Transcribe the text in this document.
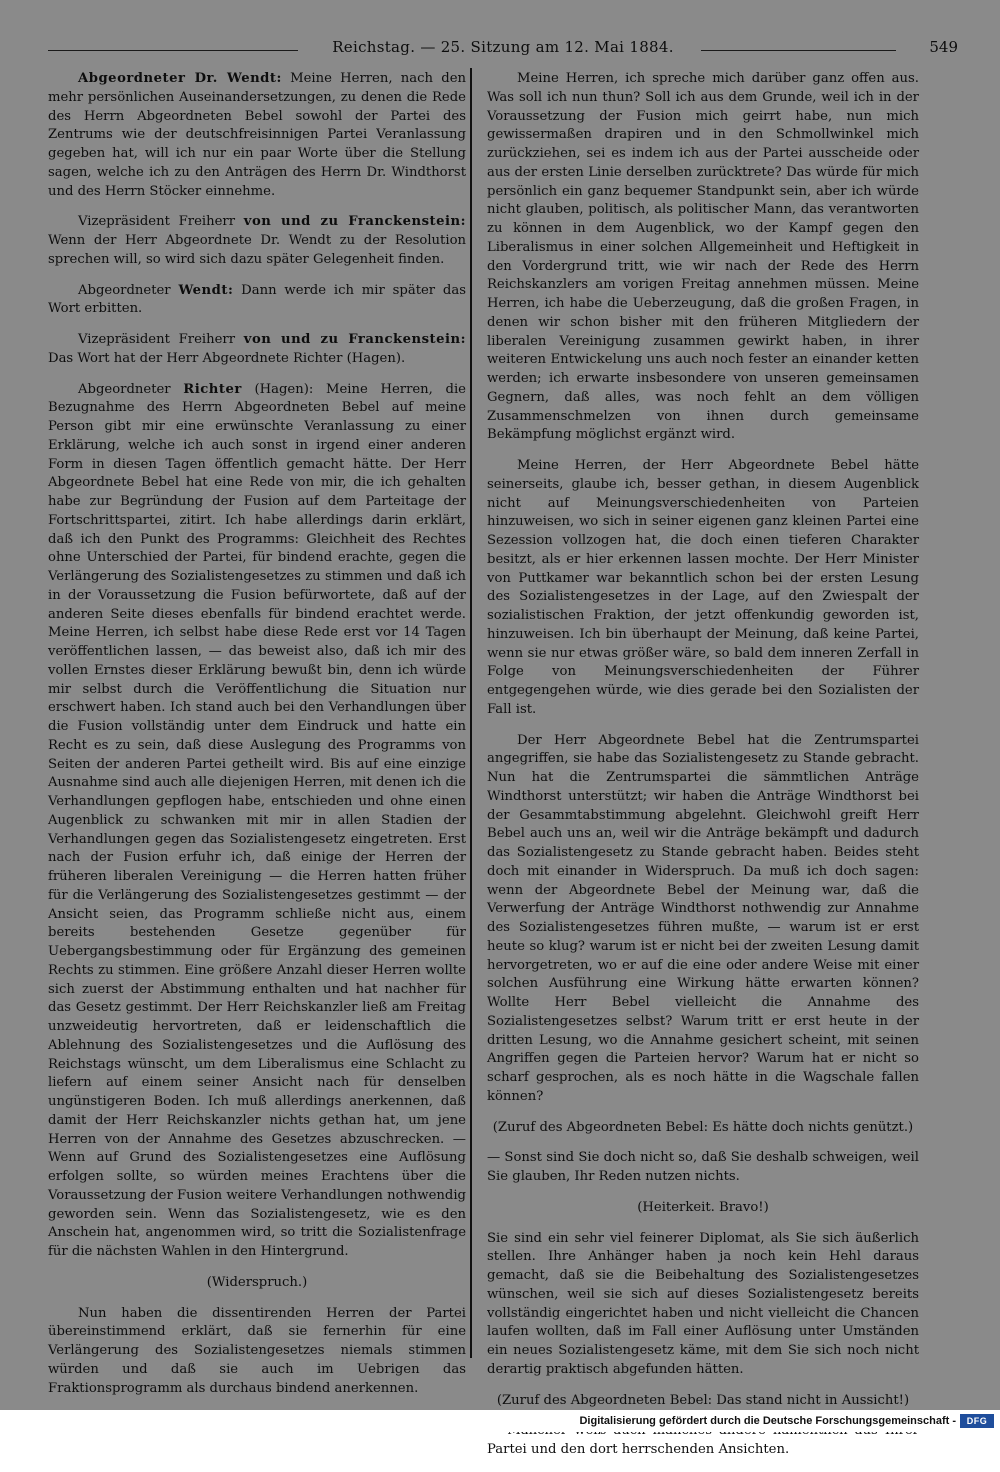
Reichstag. — 25. Sitzung am 12. Mai 1884.	549

Abgeordneter Dr. Wendt: Meine Herren, nach den mehr persönlichen Auseinandersetzungen, zu denen die Rede des Herrn Abgeordneten Bebel sowohl der Partei des Zentrums wie der deutschfreisinnigen Partei Veranlassung gegeben hat, will ich nur ein paar Worte über die Stellung sagen, welche ich zu den Anträgen des Herrn Dr. Windthorst und des Herrn Stöcker einnehme.

Vizepräsident Freiherr von und zu Franckenstein: Wenn der Herr Abgeordnete Dr. Wendt zu der Resolution sprechen will, so wird sich dazu später Gelegenheit finden.

Abgeordneter Wendt: Dann werde ich mir später das Wort erbitten.

Vizepräsident Freiherr von und zu Franckenstein: Das Wort hat der Herr Abgeordnete Richter (Hagen).

Abgeordneter Richter (Hagen): Meine Herren, die Bezugnahme des Herrn Abgeordneten Bebel auf meine Person gibt mir eine erwünschte Veranlassung zu einer Erklärung, welche ich auch sonst in irgend einer anderen Form in diesen Tagen öffentlich gemacht hätte. Der Herr Abgeordnete Bebel hat eine Rede von mir, die ich gehalten habe zur Begründung der Fusion auf dem Parteitage der Fortschrittspartei, zitirt. Ich habe allerdings darin erklärt, daß ich den Punkt des Programms: Gleichheit des Rechtes ohne Unterschied der Partei, für bindend erachte, gegen die Verlängerung des Sozialistengesetzes zu stimmen und daß ich in der Voraussetzung die Fusion befürwortete, daß auf der anderen Seite dieses ebenfalls für bindend erachtet werde. Meine Herren, ich selbst habe diese Rede erst vor 14 Tagen veröffentlichen lassen, — das beweist also, daß ich mir des vollen Ernstes dieser Erklärung bewußt bin, denn ich würde mir selbst durch die Veröffentlichung die Situation nur erschwert haben. Ich stand auch bei den Verhandlungen über die Fusion vollständig unter dem Eindruck und hatte ein Recht es zu sein, daß diese Auslegung des Programms von Seiten der anderen Partei getheilt wird. Bis auf eine einzige Ausnahme sind auch alle diejenigen Herren, mit denen ich die Verhandlungen gepflogen habe, entschieden und ohne einen Augenblick zu schwanken mit mir in allen Stadien der Verhandlungen gegen das Sozialistengesetz eingetreten. Erst nach der Fusion erfuhr ich, daß einige der Herren der früheren liberalen Vereinigung — die Herren hatten früher für die Verlängerung des Sozialistengesetzes gestimmt — der Ansicht seien, das Programm schließe nicht aus, einem bereits bestehenden Gesetze gegenüber für Uebergangsbestimmung oder für Ergänzung des gemeinen Rechts zu stimmen. Eine größere Anzahl dieser Herren wollte sich zuerst der Abstimmung enthalten und hat nachher für das Gesetz gestimmt. Der Herr Reichskanzler ließ am Freitag unzweideutig hervortreten, daß er leidenschaftlich die Ablehnung des Sozialistengesetzes und die Auflösung des Reichstags wünscht, um dem Liberalismus eine Schlacht zu liefern auf einem seiner Ansicht nach für denselben ungünstigeren Boden. Ich muß allerdings anerkennen, daß damit der Herr Reichskanzler nichts gethan hat, um jene Herren von der Annahme des Gesetzes abzuschrecken. — Wenn auf Grund des Sozialistengesetzes eine Auflösung erfolgen sollte, so würden meines Erachtens über die Voraussetzung der Fusion weitere Verhandlungen nothwendig geworden sein. Wenn das Sozialistengesetz, wie es den Anschein hat, angenommen wird, so tritt die Sozialistenfrage für die nächsten Wahlen in den Hintergrund.

(Widerspruch.)

Nun haben die dissentirenden Herren der Partei übereinstimmend erklärt, daß sie fernerhin für eine Verlängerung des Sozialistengesetzes niemals stimmen würden und daß sie auch im Uebrigen das Fraktionsprogramm als durchaus bindend anerkennen.

Meine Herren, ich spreche mich darüber ganz offen aus. Was soll ich nun thun? Soll ich aus dem Grunde, weil ich in der Voraussetzung der Fusion mich geirrt habe, nun mich gewissermaßen drapiren und in den Schmollwinkel mich zurückziehen, sei es indem ich aus der Partei ausscheide oder aus der ersten Linie derselben zurücktrete? Das würde für mich persönlich ein ganz bequemer Standpunkt sein, aber ich würde nicht glauben, politisch, als politischer Mann, das verantworten zu können in dem Augenblick, wo der Kampf gegen den Liberalismus in einer solchen Allgemeinheit und Heftigkeit in den Vordergrund tritt, wie wir nach der Rede des Herrn Reichskanzlers am vorigen Freitag annehmen müssen. Meine Herren, ich habe die Ueberzeugung, daß die großen Fragen, in denen wir schon bisher mit den früheren Mitgliedern der liberalen Vereinigung zusammen gewirkt haben, in ihrer weiteren Entwickelung uns auch noch fester an einander ketten werden; ich erwarte insbesondere von unseren gemeinsamen Gegnern, daß alles, was noch fehlt an dem völligen Zusammenschmelzen von ihnen durch gemeinsame Bekämpfung möglichst ergänzt wird.

Meine Herren, der Herr Abgeordnete Bebel hätte seinerseits, glaube ich, besser gethan, in diesem Augenblick nicht auf Meinungsverschiedenheiten von Parteien hinzuweisen, wo sich in seiner eigenen ganz kleinen Partei eine Sezession vollzogen hat, die doch einen tieferen Charakter besitzt, als er hier erkennen lassen mochte. Der Herr Minister von Puttkamer war bekanntlich schon bei der ersten Lesung des Sozialistengesetzes in der Lage, auf den Zwiespalt der sozialistischen Fraktion, der jetzt offenkundig geworden ist, hinzuweisen. Ich bin überhaupt der Meinung, daß keine Partei, wenn sie nur etwas größer wäre, so bald dem inneren Zerfall in Folge von Meinungsverschiedenheiten der Führer entgegengehen würde, wie dies gerade bei den Sozialisten der Fall ist.

Der Herr Abgeordnete Bebel hat die Zentrumspartei angegriffen, sie habe das Sozialistengesetz zu Stande gebracht. Nun hat die Zentrumspartei die sämmtlichen Anträge Windthorst unterstützt; wir haben die Anträge Windthorst bei der Gesammtabstimmung abgelehnt. Gleichwohl greift Herr Bebel auch uns an, weil wir die Anträge bekämpft und dadurch das Sozialistengesetz zu Stande gebracht haben. Beides steht doch mit einander in Widerspruch. Da muß ich doch sagen: wenn der Abgeordnete Bebel der Meinung war, daß die Verwerfung der Anträge Windthorst nothwendig zur Annahme des Sozialistengesetzes führen mußte, — warum ist er erst heute so klug? warum ist er nicht bei der zweiten Lesung damit hervorgetreten, wo er auf die eine oder andere Weise mit einer solchen Ausführung eine Wirkung hätte erwarten können? Wollte Herr Bebel vielleicht die Annahme des Sozialistengesetzes selbst? Warum tritt er erst heute in der dritten Lesung, wo die Annahme gesichert scheint, mit seinen Angriffen gegen die Parteien hervor? Warum hat er nicht so scharf gesprochen, als es noch hätte in die Wagschale fallen können?

(Zuruf des Abgeordneten Bebel: Es hätte doch nichts genützt.)

— Sonst sind Sie doch nicht so, daß Sie deshalb schweigen, weil Sie glauben, Ihr Reden nutzen nichts.

(Heiterkeit. Bravo!)

Sie sind ein sehr viel feinerer Diplomat, als Sie sich äußerlich stellen. Ihre Anhänger haben ja noch kein Hehl daraus gemacht, daß sie die Beibehaltung des Sozialistengesetzes wünschen, weil sie sich auf dieses Sozialistengesetz bereits vollständig eingerichtet haben und nicht vielleicht die Chancen laufen wollten, daß im Fall einer Auflösung unter Umständen ein neues Sozialistengesetz käme, mit dem Sie sich noch nicht derartig praktisch abgefunden hätten.

(Zuruf des Abgeordneten Bebel: Das stand nicht in Aussicht!)

Partei und den dort herrschenden Ansichten.

Digitalisierung gefördert durch die Deutsche Forschungsgemeinschaft -	DFG
